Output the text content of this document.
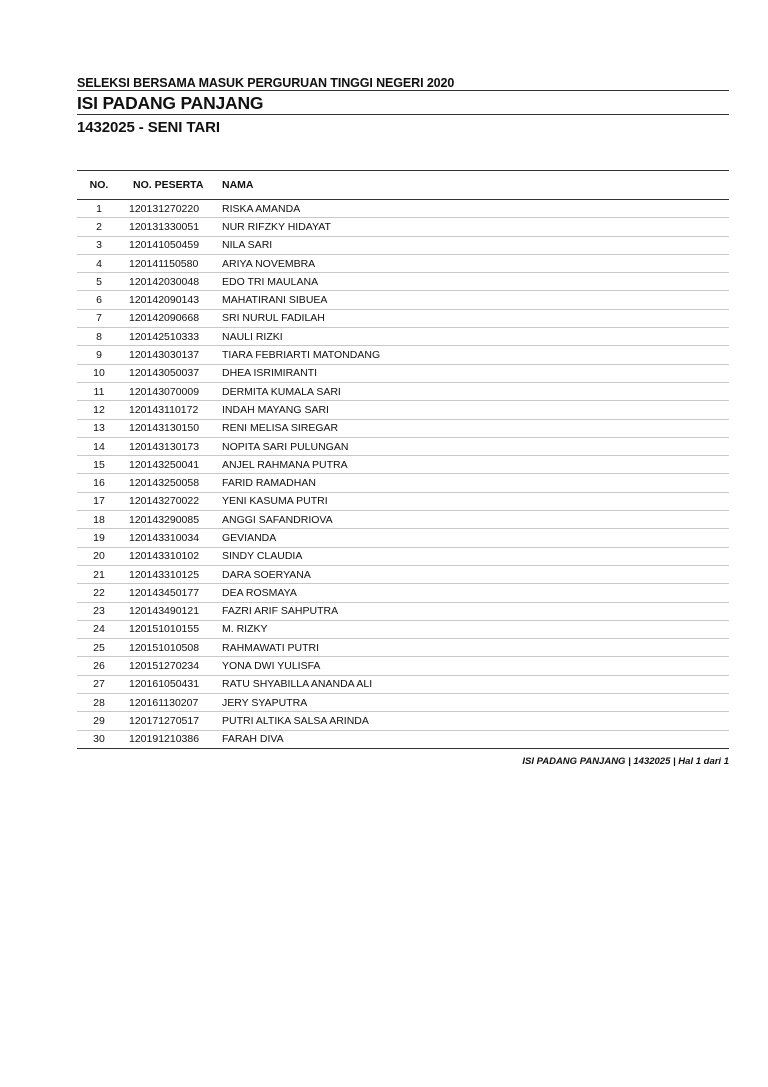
SELEKSI BERSAMA MASUK PERGURUAN TINGGI NEGERI 2020
ISI PADANG PANJANG
1432025 - SENI TARI
NO.	NO. PESERTA	NAMA
1	120131270220	RISKA AMANDA
2	120131330051	NUR RIFZKY HIDAYAT
3	120141050459	NILA SARI
4	120141150580	ARIYA NOVEMBRA
5	120142030048	EDO TRI MAULANA
6	120142090143	MAHATIRANI SIBUEA
7	120142090668	SRI NURUL FADILAH
8	120142510333	NAULI RIZKI
9	120143030137	TIARA FEBRIARTI MATONDANG
10	120143050037	DHEA ISRIMIRANTI
11	120143070009	DERMITA KUMALA SARI
12	120143110172	INDAH MAYANG SARI
13	120143130150	RENI MELISA SIREGAR
14	120143130173	NOPITA SARI PULUNGAN
15	120143250041	ANJEL RAHMANA PUTRA
16	120143250058	FARID RAMADHAN
17	120143270022	YENI KASUMA PUTRI
18	120143290085	ANGGI SAFANDRIOVA
19	120143310034	GEVIANDA
20	120143310102	SINDY CLAUDIA
21	120143310125	DARA SOERYANA
22	120143450177	DEA ROSMAYA
23	120143490121	FAZRI ARIF SAHPUTRA
24	120151010155	M. RIZKY
25	120151010508	RAHMAWATI PUTRI
26	120151270234	YONA DWI YULISFA
27	120161050431	RATU SHYABILLA ANANDA ALI
28	120161130207	JERY SYAPUTRA
29	120171270517	PUTRI ALTIKA SALSA ARINDA
30	120191210386	FARAH DIVA
ISI PADANG PANJANG | 1432025 | Hal 1 dari 1
